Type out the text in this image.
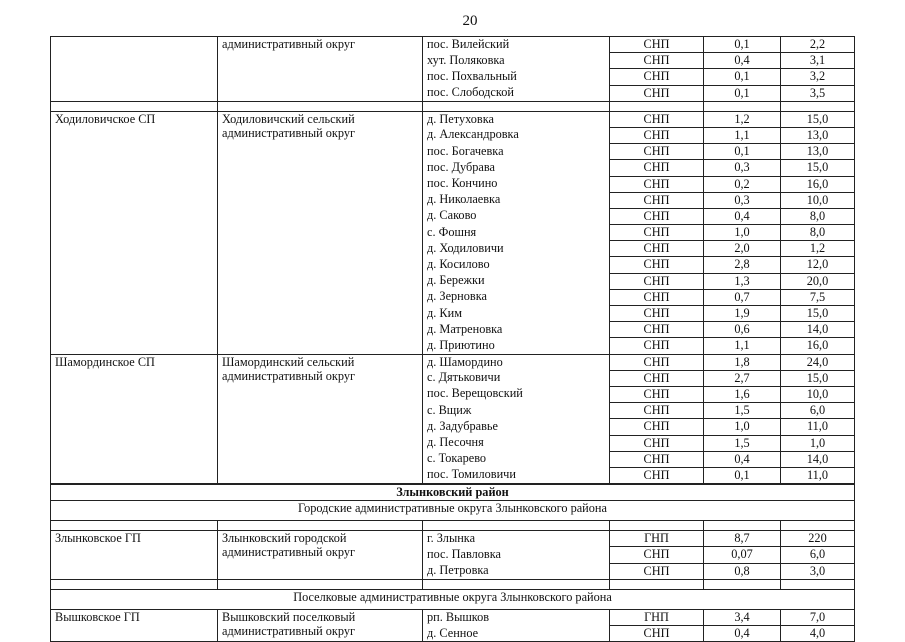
20
	административный округ	пос. Вилейский	СНП	0,1	2,2
		хут. Поляковка	СНП	0,4	3,1
		пос. Похвальный	СНП	0,1	3,2
		пос. Слободской	СНП	0,1	3,5

Ходиловичское СП	Ходиловичский сельский административный округ	д. Петуховка	СНП	1,2	15,0
		д. Александровка	СНП	1,1	13,0
		пос. Богачевка	СНП	0,1	13,0
		пос. Дубрава	СНП	0,3	15,0
		пос. Кончино	СНП	0,2	16,0
		д. Николаевка	СНП	0,3	10,0
		д. Саково	СНП	0,4	8,0
		с. Фошня	СНП	1,0	8,0
		д. Ходиловичи	СНП	2,0	1,2
		д. Косилово	СНП	2,8	12,0
		д. Бережки	СНП	1,3	20,0
		д. Зерновка	СНП	0,7	7,5
		д. Ким	СНП	1,9	15,0
		д. Матреновка	СНП	0,6	14,0
		д. Приютино	СНП	1,1	16,0
Шамординское СП	Шамординский сельский административный округ	д. Шамордино	СНП	1,8	24,0
		с. Дятьковичи	СНП	2,7	15,0
		пос. Верещовский	СНП	1,6	10,0
		с. Вщиж	СНП	1,5	6,0
		д. Задубравье	СНП	1,0	11,0
		д. Песочня	СНП	1,5	1,0
		с. Токарево	СНП	0,4	14,0
		пос. Томиловичи	СНП	0,1	11,0
Злынковский район					
Городские административные округа Злынковского района					

Злынковское ГП	Злынковский городской административный округ	г. Злынка	ГНП	8,7	220
		пос. Павловка	СНП	0,07	6,0
		д. Петровка	СНП	0,8	3,0

Поселковые административные округа Злынковского района					
Вышковское ГП	Вышковский поселковый административный округ	рп. Вышков	ГНП	3,4	7,0
		д. Сенное	СНП	0,4	4,0
